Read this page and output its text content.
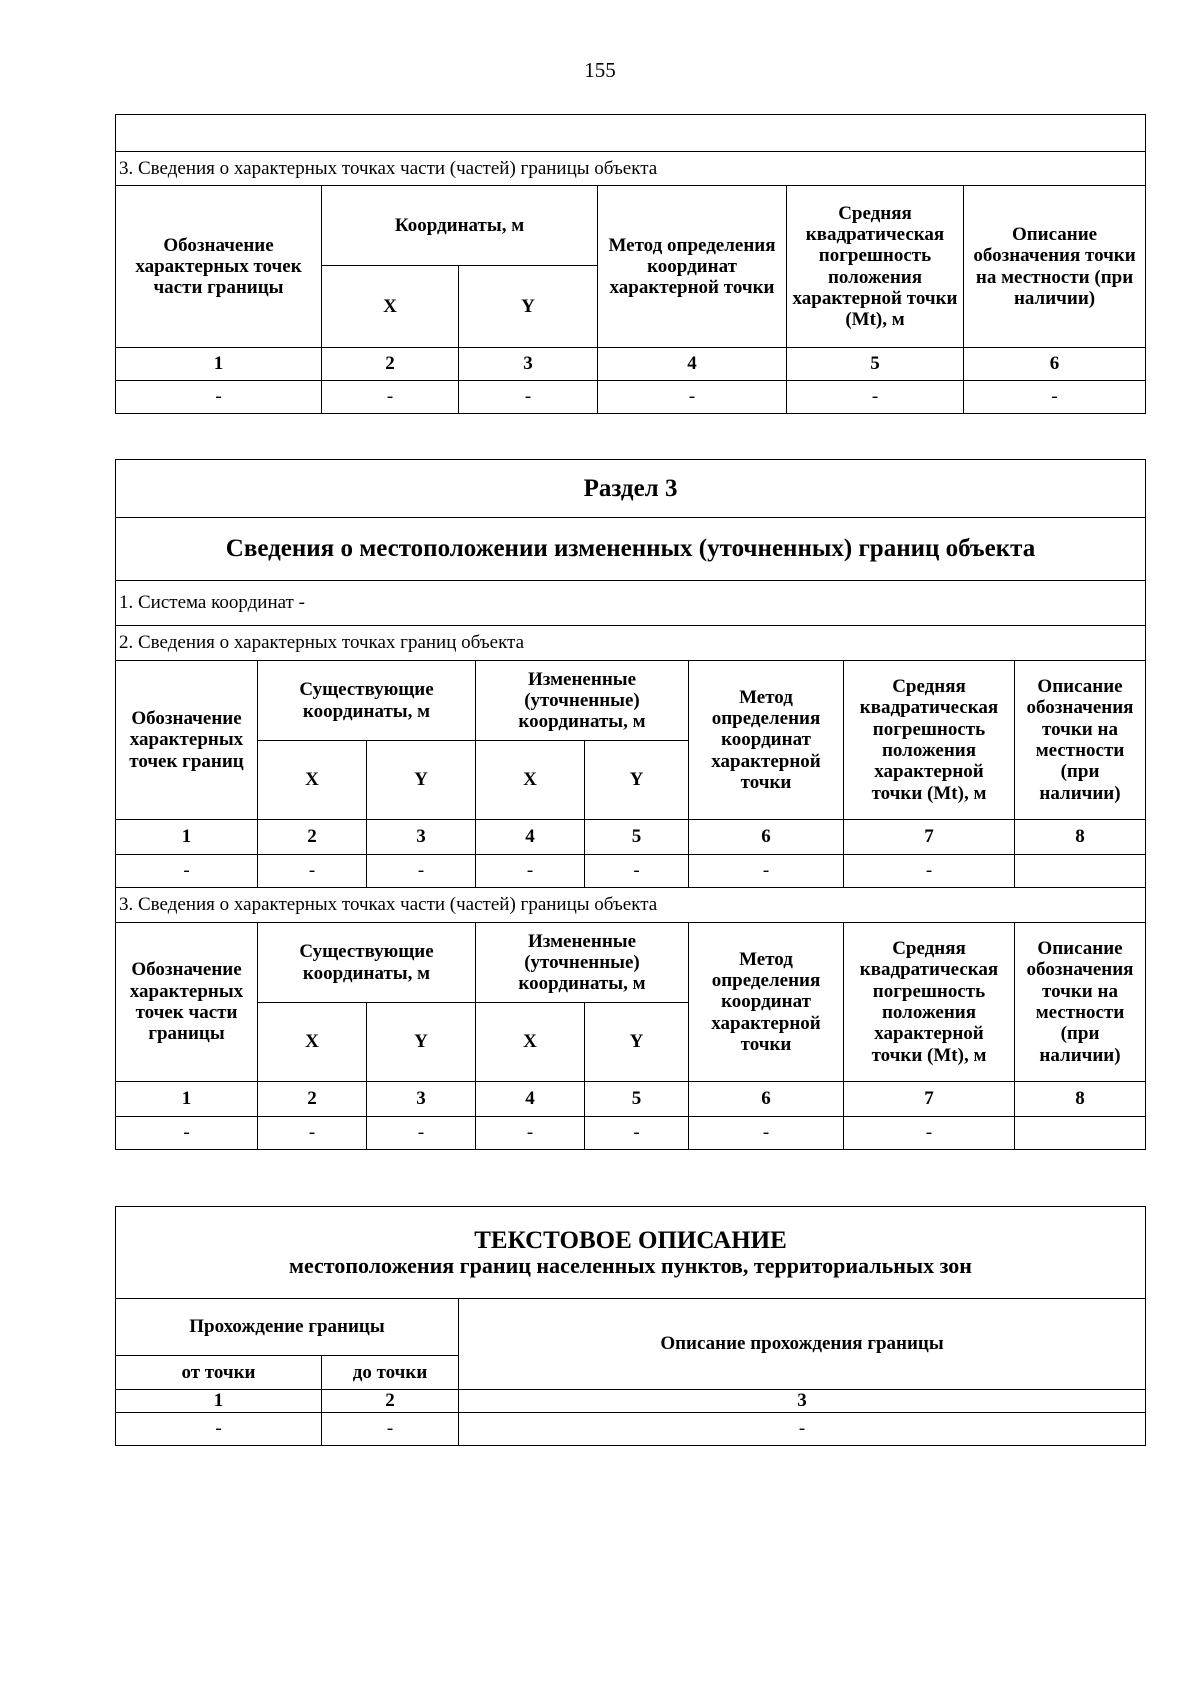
155

3. Сведения о характерных точках части (частей) границы объекта					
Обозначение характерных точек части границы	Координаты, м		Метод определения координат характерной точки	Средняя квадратическая погрешность положения характерной точки (Mt), м	Описание обозначения точки на местности (при наличии)
	X	Y			
1	2	3	4	5	6
-	-	-	-	-	-
Раздел 3							
Сведения о местоположении измененных (уточненных) границ объекта							
1. Система координат -							
2. Сведения о характерных точках границ объекта							
Обозначение характерных точек границ	Существующие координаты, м		Измененные (уточненные) координаты, м		Метод определения координат характерной точки	Средняя квадратическая погрешность положения характерной точки (Mt), м	Описание обозначения точки на местности (при наличии)
	X	Y	X	Y			
1	2	3	4	5	6	7	8
-	-	-	-	-	-	-	
3. Сведения о характерных точках части (частей) границы объекта							
Обозначение характерных точек части границы	Существующие координаты, м		Измененные (уточненные) координаты, м		Метод определения координат характерной точки	Средняя квадратическая погрешность положения характерной точки (Mt), м	Описание обозначения точки на местности (при наличии)
	X	Y	X	Y			
1	2	3	4	5	6	7	8
-	-	-	-	-	-	-	
ТЕКСТОВОЕ ОПИСАНИЕ
местоположения границ населенных пунктов, территориальных зон		

Прохождение границы		Описание прохождения границы
от точки	до точки	
1	2	3
-	-	-
